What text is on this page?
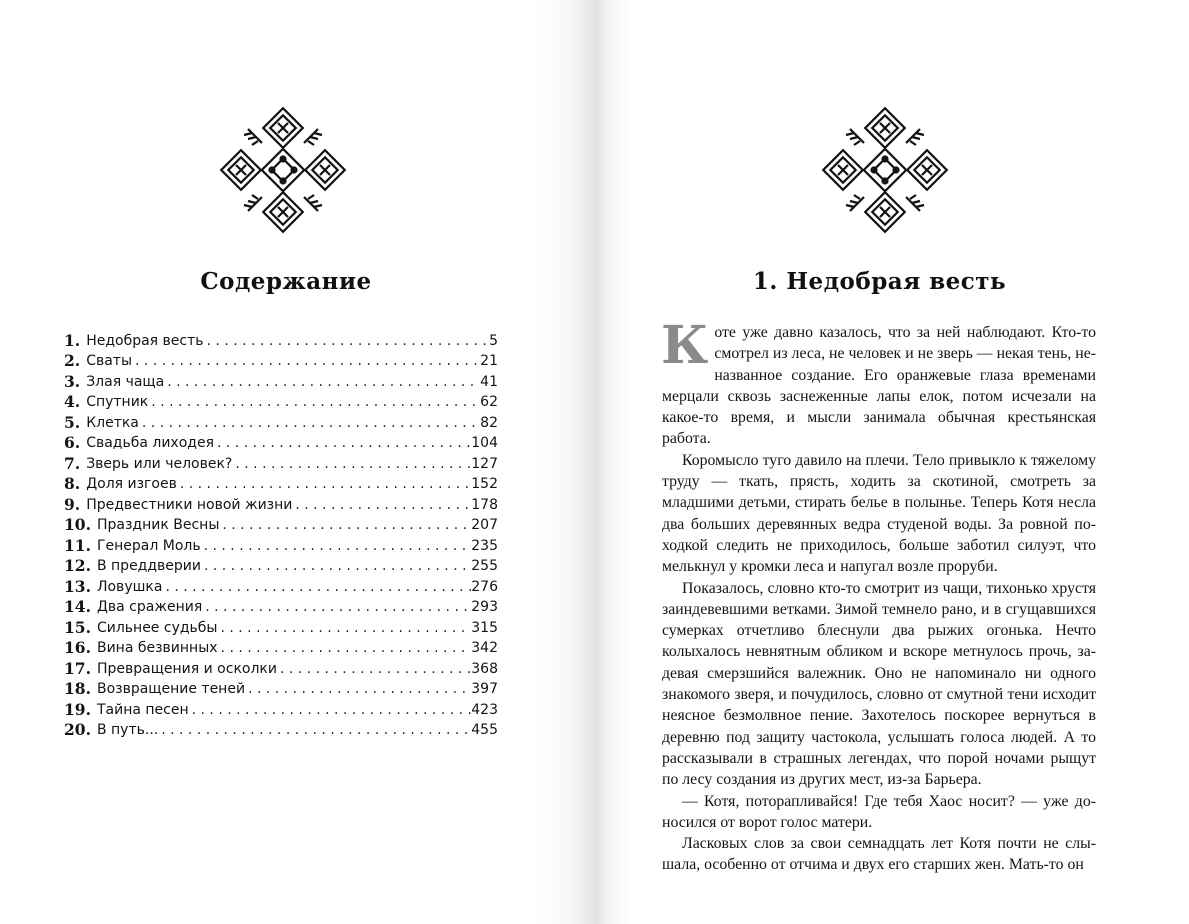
Содержание
1. Недобрая весть . . .	5
2. Сваты . . .	21
3. Злая чаща . . .	41
4. Спутник . . .	62
5. Клетка . . .	82
6. Свадьба лиходея . . .	104
7. Зверь или человек? . . .	127
8. Доля изгоев . . .	152
9. Предвестники новой жизни . . .	178
10. Праздник Весны . . .	207
11. Генерал Моль . . .	235
12. В преддверии . . .	255
13. Ловушка . . .	276
14. Два сражения . . .	293
15. Сильнее судьбы . . .	315
16. Вина безвинных . . .	342
17. Превращения и осколки . . .	368
18. Возвращение теней . . .	397
19. Тайна песен . . .	423
20. В путь... . . .	455
1. Недобрая весть

Коте уже давно казалось, что за ней наблюдают. Кто-то смотрел из леса, не человек и не зверь — некая тень, неназванное создание. Его оранжевые глаза временами мерцали сквозь заснеженные лапы елок, потом исчезали на какое-то время, и мысли занимала обычная крестьянская работа.

Коромысло туго давило на плечи. Тело привыкло к тяжелому труду — ткать, прясть, ходить за скотиной, смотреть за младшими детьми, стирать белье в полынье. Теперь Котя несла два больших деревянных ведра студеной воды. За ровной походкой следить не приходилось, больше заботил силуэт, что мелькнул у кромки леса и напугал возле проруби.

Показалось, словно кто-то смотрит из чащи, тихонько хрустя заиндевевшими ветками. Зимой темнело рано, и в сгущавшихся сумерках отчетливо блеснули два рыжих огонька. Нечто колыхалось невнятным обликом и вскоре метнулось прочь, задевая смерзшийся валежник. Оно не напоминало ни одного знакомого зверя, и почудилось, словно от смутной тени исходит неясное безмолвное пение. Захотелось поскорее вернуться в деревню под защиту частокола, услышать голоса людей. А то рассказывали в страшных легендах, что порой ночами рыщут по лесу создания из других мест, из-за Барьера.

— Котя, поторапливайся! Где тебя Хаос носит? — уже доносился от ворот голос матери.

Ласковых слов за свои семнадцать лет Котя почти не слышала, особенно от отчима и двух его старших жен. Мать-то он
